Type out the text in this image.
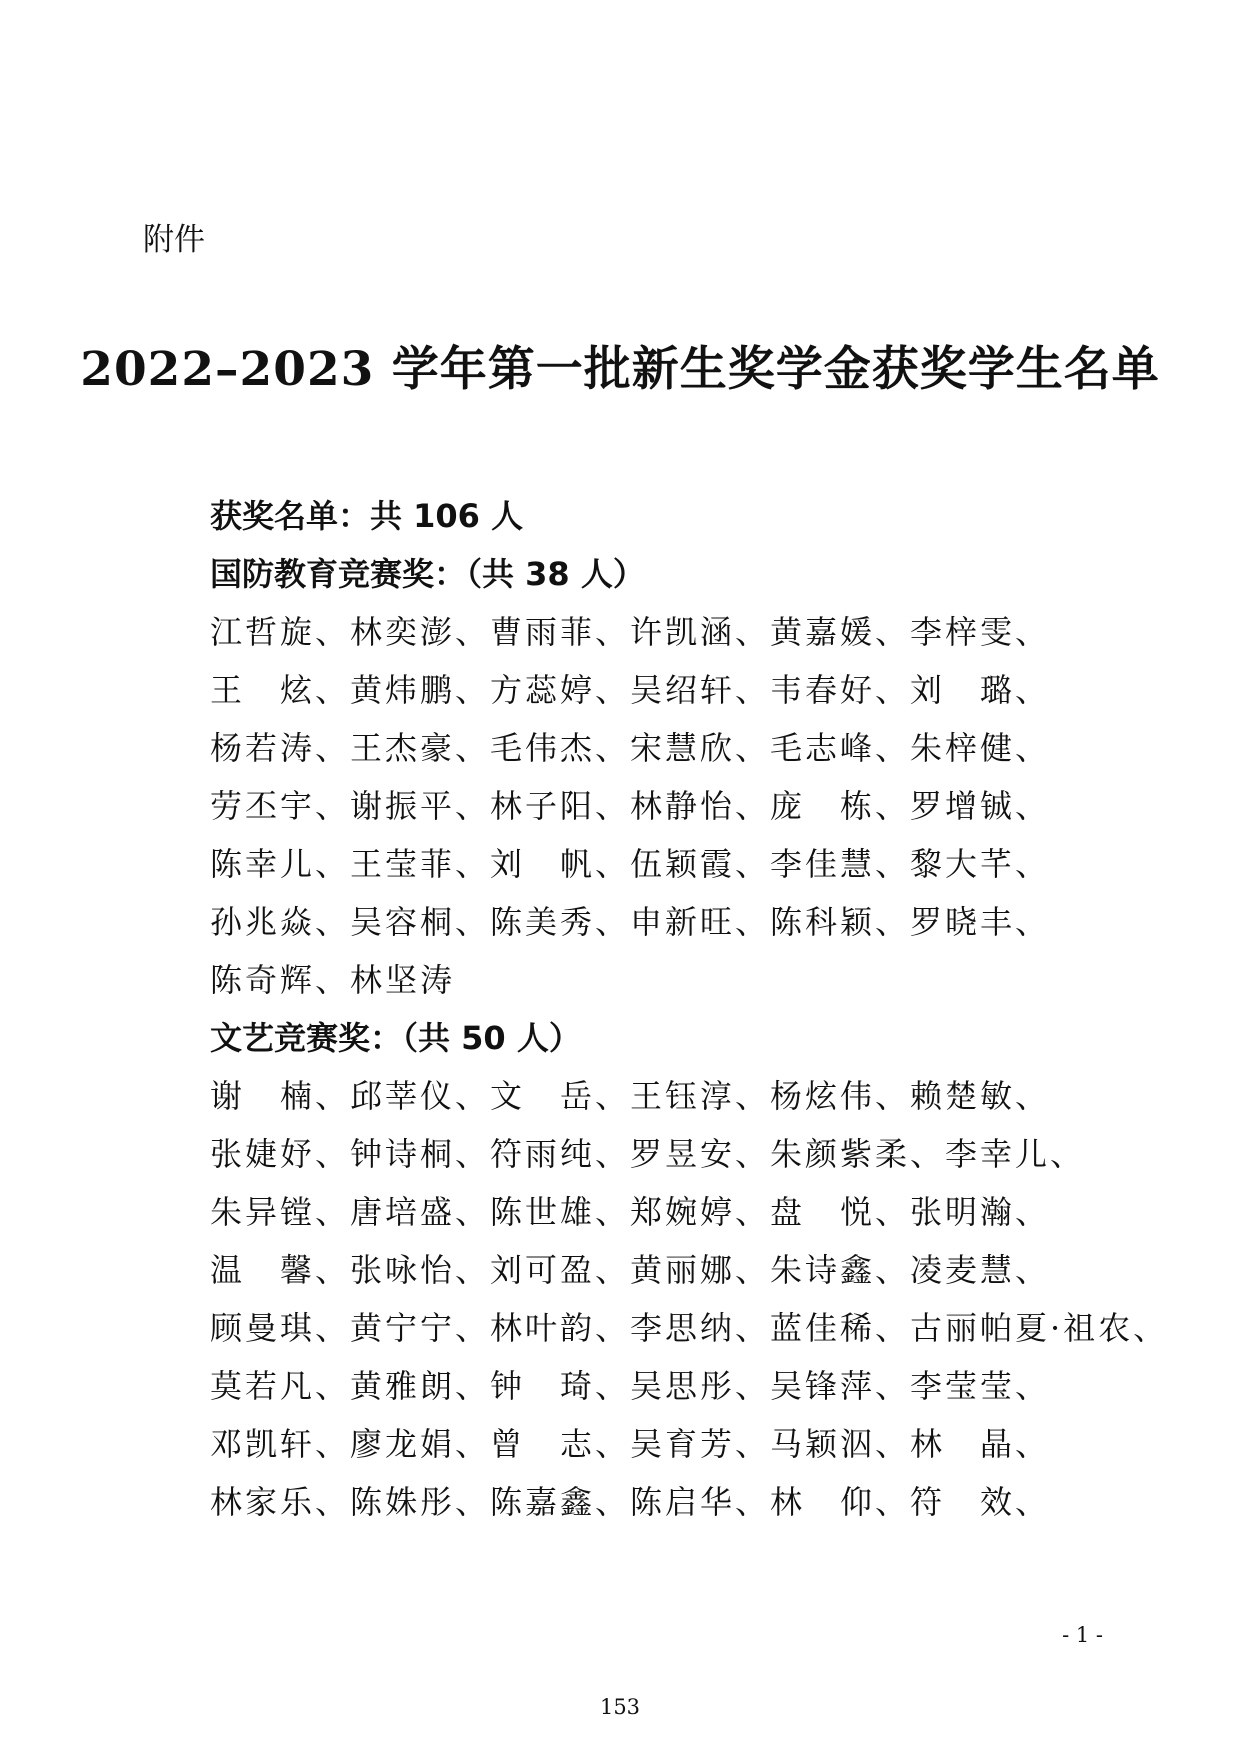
附件
2022–2023 学年第一批新生奖学金获奖学生名单
获奖名单：共 106 人
国防教育竞赛奖：（共 38 人）
江哲旋、林奕澎、曹雨菲、许凯涵、黄嘉媛、李梓雯、
王　炫、黄炜鹏、方蕊婷、吴绍轩、韦春好、刘　璐、
杨若涛、王杰豪、毛伟杰、宋慧欣、毛志峰、朱梓健、
劳丕宇、谢振平、林子阳、林静怡、庞　栋、罗增铖、
陈幸儿、王莹菲、刘　帆、伍颖霞、李佳慧、黎大芊、
孙兆焱、吴容桐、陈美秀、申新旺、陈科颖、罗晓丰、
陈奇辉、林坚涛
文艺竞赛奖：（共 50 人）
谢　楠、邱莘仪、文　岳、王钰淳、杨炫伟、赖楚敏、
张婕妤、钟诗桐、符雨纯、罗昱安、朱颜紫柔、李幸儿、
朱异镗、唐培盛、陈世雄、郑婉婷、盘　悦、张明瀚、
温　馨、张咏怡、刘可盈、黄丽娜、朱诗鑫、凌麦慧、
顾曼琪、黄宁宁、林叶韵、李思纳、蓝佳稀、古丽帕夏·祖农、
莫若凡、黄雅朗、钟　琦、吴思彤、吴锋萍、李莹莹、
邓凯轩、廖龙娟、曾　志、吴育芳、马颖泅、林　晶、
林家乐、陈姝彤、陈嘉鑫、陈启华、林　仰、符　效、
- 1 -
153
